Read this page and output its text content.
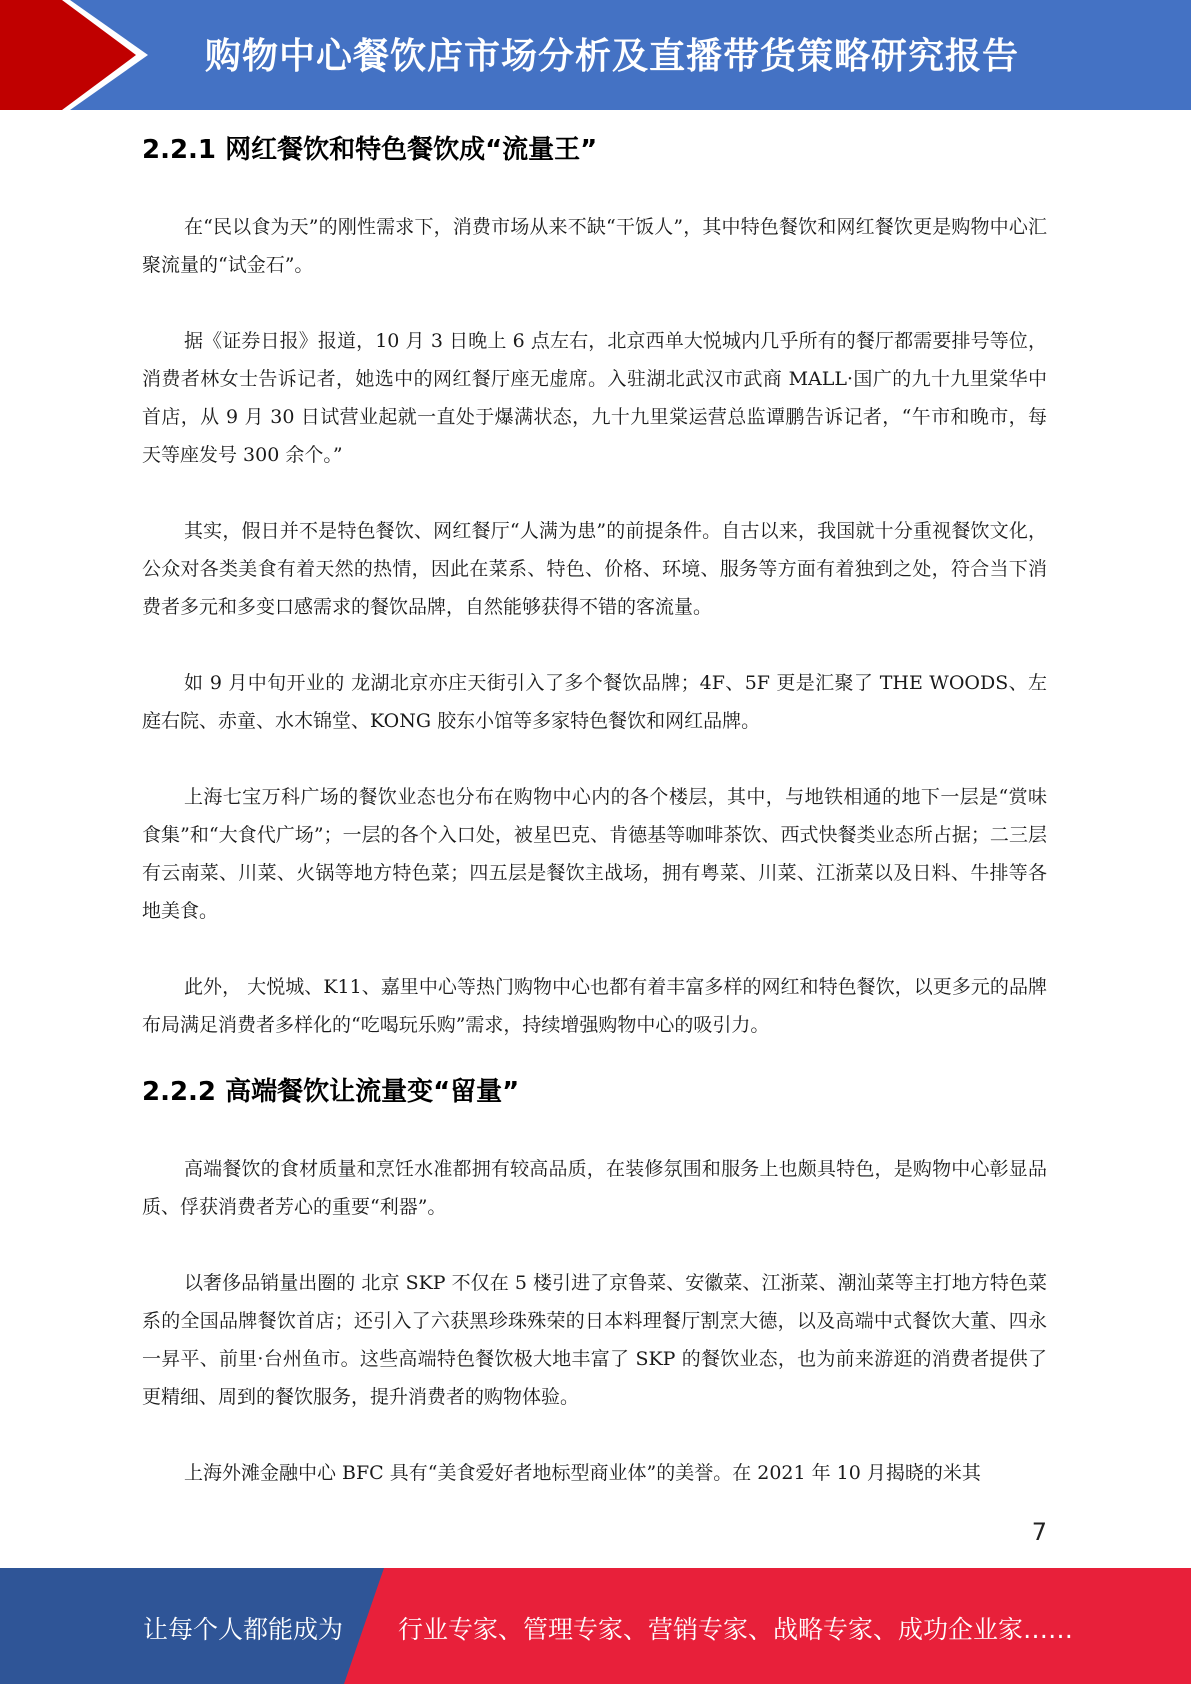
购物中心餐饮店市场分析及直播带货策略研究报告
2.2.1 网红餐饮和特色餐饮成“流量王”

在“民以食为天”的刚性需求下，消费市场从来不缺“干饭人”，其中特色餐饮和网红餐饮更是购物中心汇聚流量的“试金石”。

据《证券日报》报道，10 月 3 日晚上 6 点左右，北京西单大悦城内几乎所有的餐厅都需要排号等位，消费者林女士告诉记者，她选中的网红餐厅座无虚席。入驻湖北武汉市武商 MALL·国广的九十九里棠华中首店，从 9 月 30 日试营业起就一直处于爆满状态，九十九里棠运营总监谭鹏告诉记者，“午市和晚市，每天等座发号 300 余个。”

其实，假日并不是特色餐饮、网红餐厅“人满为患”的前提条件。自古以来，我国就十分重视餐饮文化，公众对各类美食有着天然的热情，因此在菜系、特色、价格、环境、服务等方面有着独到之处，符合当下消费者多元和多变口感需求的餐饮品牌，自然能够获得不错的客流量。

如 9 月中旬开业的 龙湖北京亦庄天街引入了多个餐饮品牌；4F、5F 更是汇聚了 THE WOODS、左庭右院、赤童、水木锦堂、KONG 胶东小馆等多家特色餐饮和网红品牌。

上海七宝万科广场的餐饮业态也分布在购物中心内的各个楼层，其中，与地铁相通的地下一层是“赏味食集”和“大食代广场”；一层的各个入口处，被星巴克、肯德基等咖啡茶饮、西式快餐类业态所占据；二三层有云南菜、川菜、火锅等地方特色菜；四五层是餐饮主战场，拥有粤菜、川菜、江浙菜以及日料、牛排等各地美食。

此外， 大悦城、K11、嘉里中心等热门购物中心也都有着丰富多样的网红和特色餐饮，以更多元的品牌布局满足消费者多样化的“吃喝玩乐购”需求，持续增强购物中心的吸引力。

2.2.2 高端餐饮让流量变“留量”

高端餐饮的食材质量和烹饪水准都拥有较高品质，在装修氛围和服务上也颇具特色，是购物中心彰显品质、俘获消费者芳心的重要“利器”。

以奢侈品销量出圈的 北京 SKP 不仅在 5 楼引进了京鲁菜、安徽菜、江浙菜、潮汕菜等主打地方特色菜系的全国品牌餐饮首店；还引入了六获黑珍珠殊荣的日本料理餐厅割烹大德，以及高端中式餐饮大董、四永一昇平、前里·台州鱼市。这些高端特色餐饮极大地丰富了 SKP 的餐饮业态，也为前来游逛的消费者提供了更精细、周到的餐饮服务，提升消费者的购物体验。

上海外滩金融中心 BFC 具有“美食爱好者地标型商业体”的美誉。在 2021 年 10 月揭晓的米其

7
让每个人都能成为 行业专家、管理专家、营销专家、战略专家、成功企业家……
